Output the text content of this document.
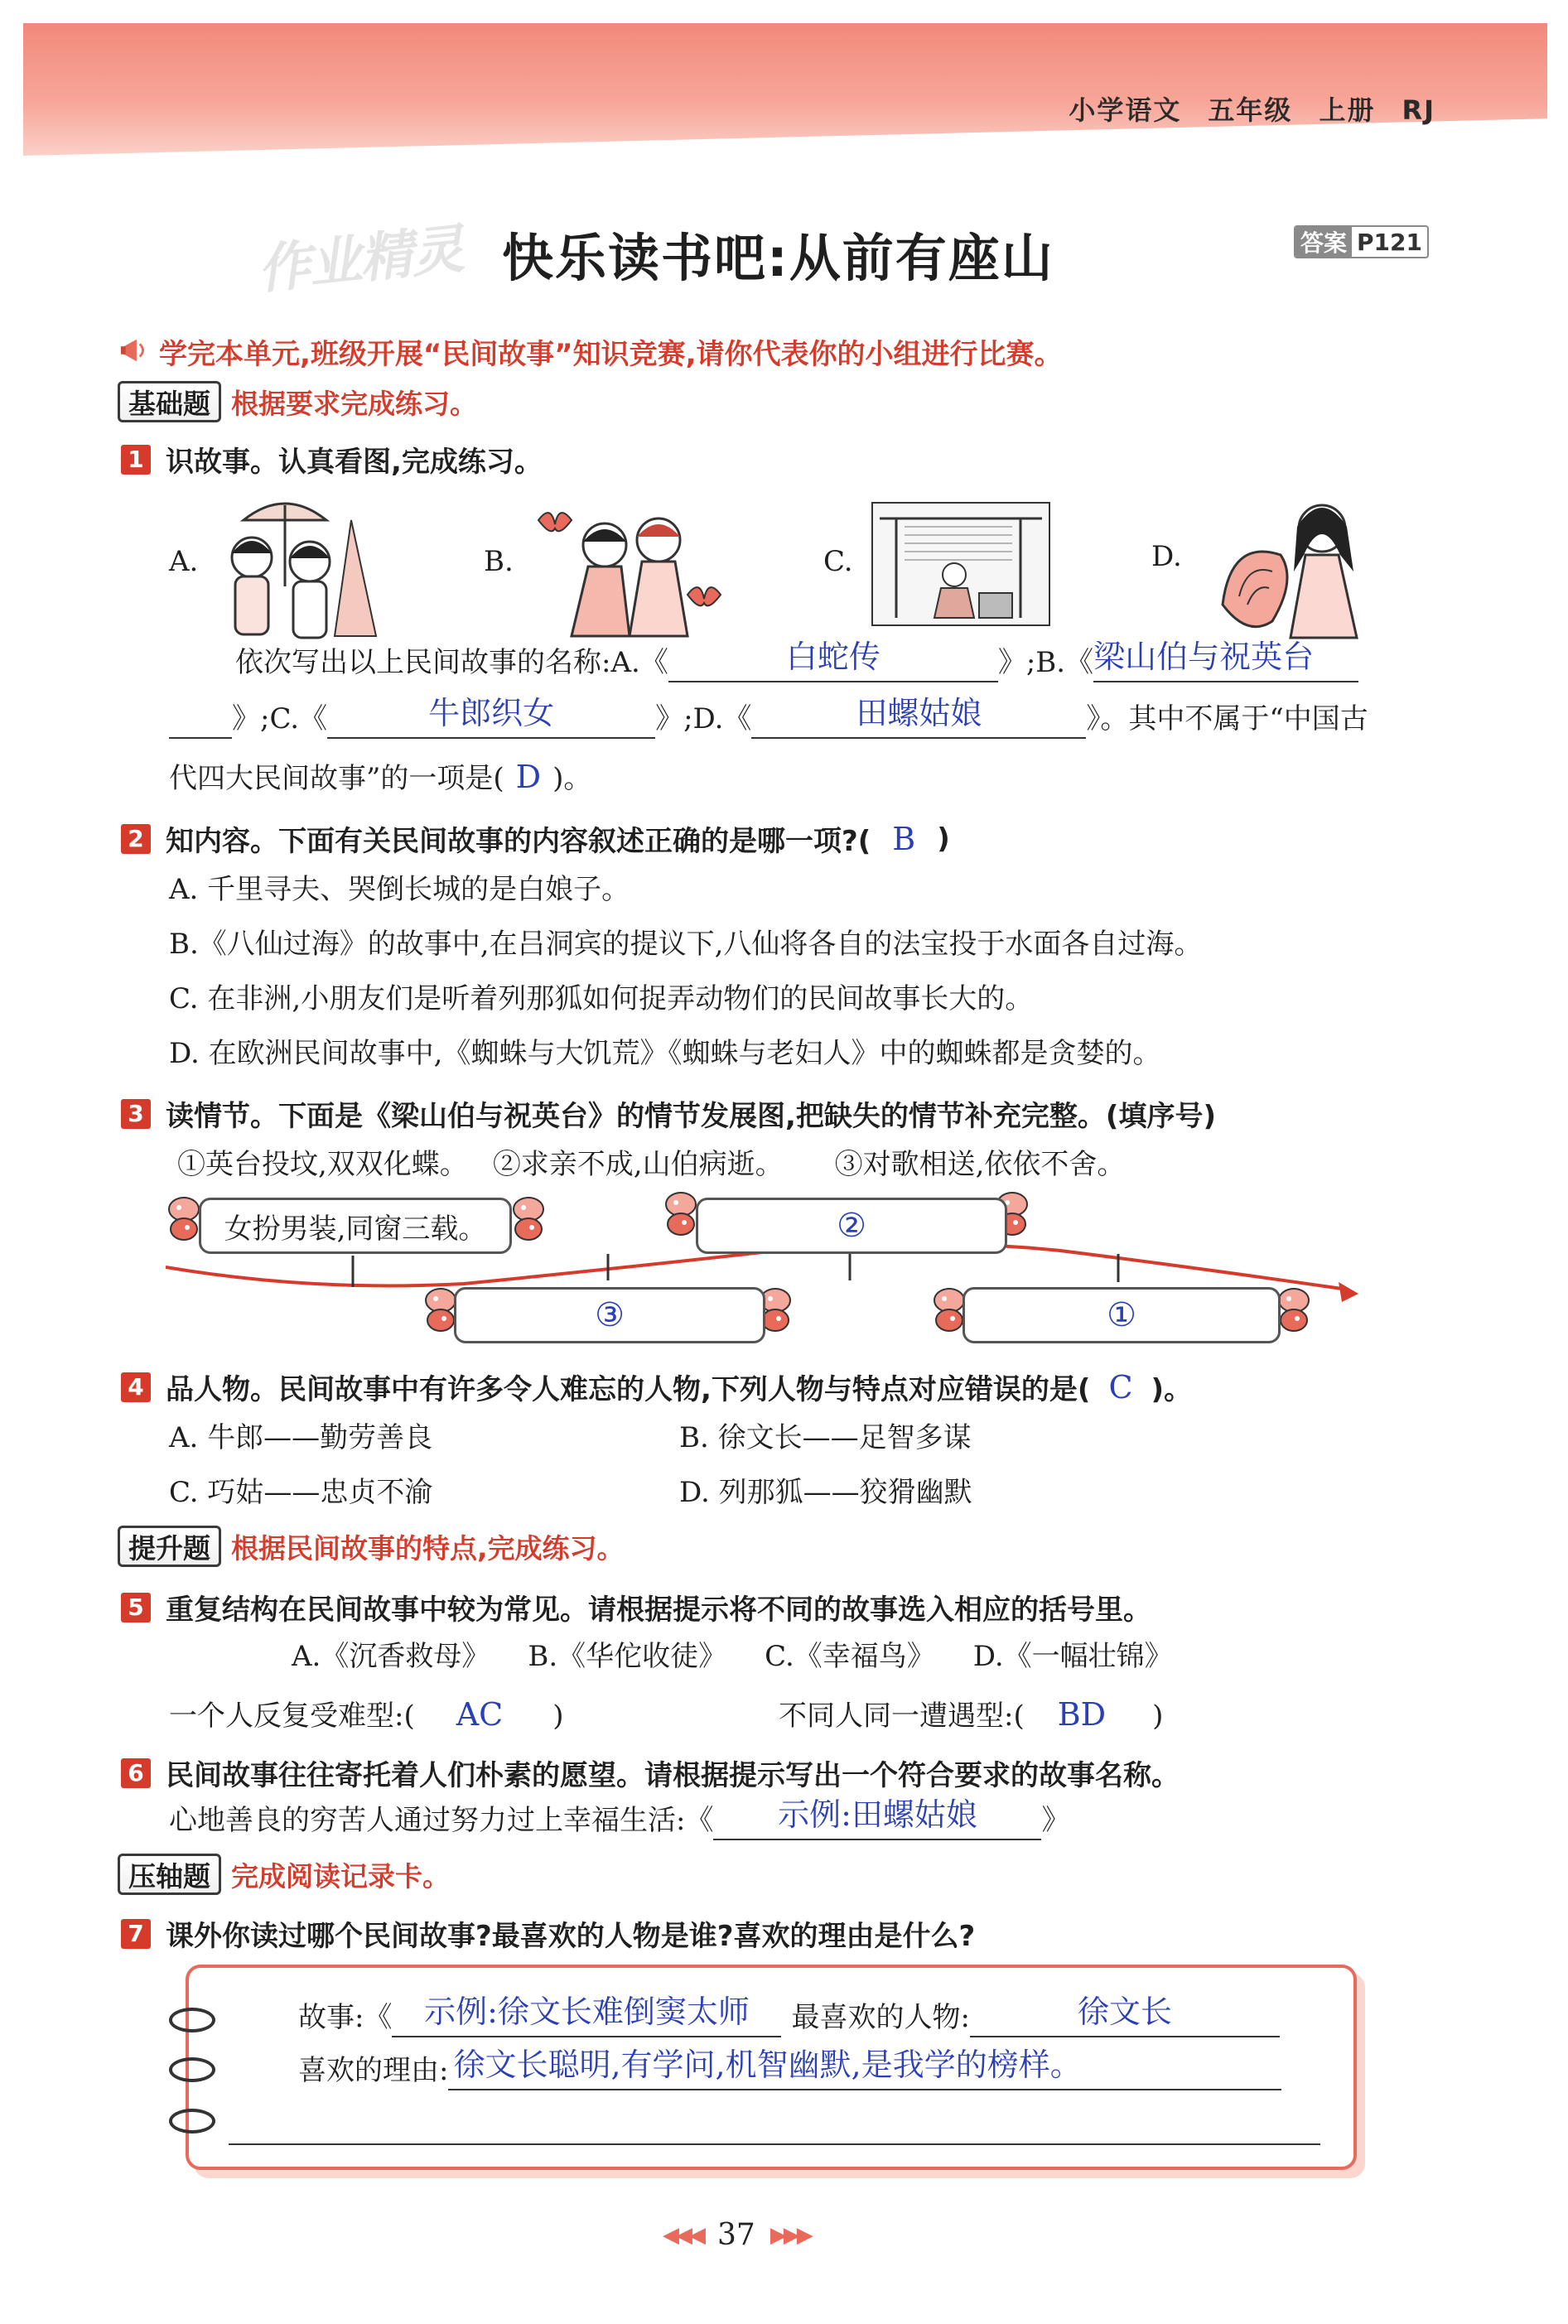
小学语文 五年级 上册 RJ
作业精灵 快乐读书吧:从前有座山	答案 P121
学完本单元,班级开展“民间故事”知识竞赛,请你代表你的小组进行比赛。
基础题 根据要求完成练习。
1 识故事。认真看图,完成练习。
A.	B.	C.	D.
依次写出以上民间故事的名称:A.《	白蛇传	》;B.《 梁山伯与祝英台
》;C.《	牛郎织女	》;D.《	田螺姑娘	》。其中不属于“中国古
代四大民间故事”的一项是( D )。
2 知内容。下面有关民间故事的内容叙述正确的是哪一项?( B )
A. 千里寻夫、哭倒长城的是白娘子。
B.《八仙过海》的故事中,在吕洞宾的提议下,八仙将各自的法宝投于水面各自过海。
C. 在非洲,小朋友们是听着列那狐如何捉弄动物们的民间故事长大的。
D. 在欧洲民间故事中,《蜘蛛与大饥荒》《蜘蛛与老妇人》中的蜘蛛都是贪婪的。
3 读情节。下面是《梁山伯与祝英台》的情节发展图,把缺失的情节补充完整。(填序号)
①英台投坟,双双化蝶。 ②求亲不成,山伯病逝。 ③对歌相送,依依不舍。
女扮男装,同窗三载。	②
③	①
4 品人物。民间故事中有许多令人难忘的人物,下列人物与特点对应错误的是( C )。
A. 牛郎——勤劳善良	B. 徐文长——足智多谋
C. 巧姑——忠贞不渝	D. 列那狐——狡猾幽默
提升题 根据民间故事的特点,完成练习。
5 重复结构在民间故事中较为常见。请根据提示将不同的故事选入相应的括号里。
A.《沉香救母》 B.《华佗收徒》 C.《幸福鸟》 D.《一幅壮锦》
一个人反复受难型:( AC )	不同人同一遭遇型:( BD )
6 民间故事往往寄托着人们朴素的愿望。请根据提示写出一个符合要求的故事名称。
心地善良的穷苦人通过努力过上幸福生活:《	示例:田螺姑娘	》
压轴题 完成阅读记录卡。
7 课外你读过哪个民间故事?最喜欢的人物是谁?喜欢的理由是什么?
故事:《	示例:徐文长难倒窦太师	最喜欢的人物:	徐文长
喜欢的理由: 徐文长聪明,有学问,机智幽默,是我学的榜样。
◀◀◀ 37 ▶▶▶
